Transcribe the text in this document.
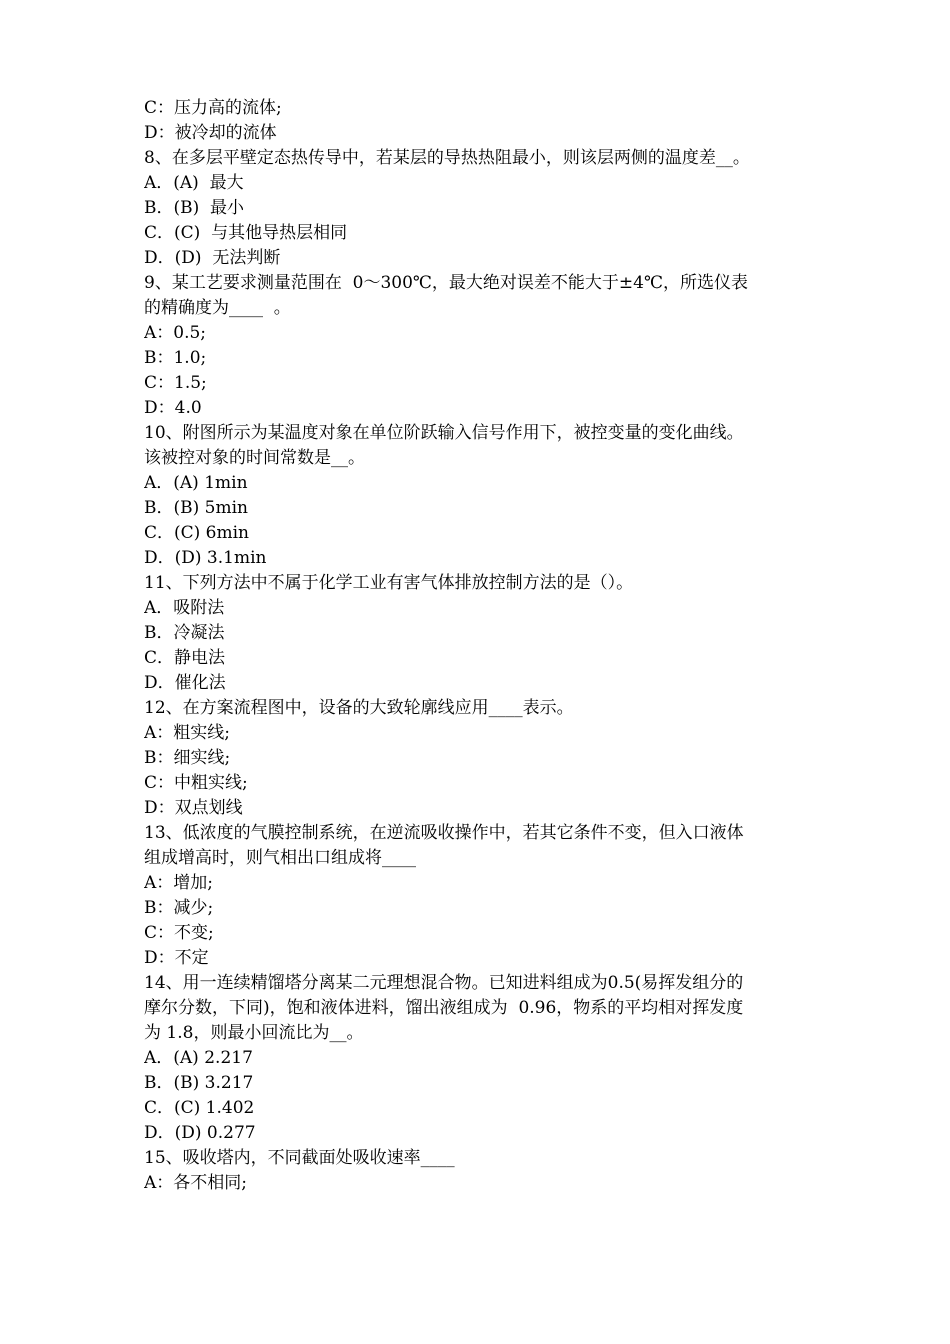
C：压力高的流体;
D：被冷却的流体
8、在多层平壁定态热传导中，若某层的导热热阻最小，则该层两侧的温度差__。
A．(A)  最大
B．(B)  最小
C．(C)  与其他导热层相同
D．(D)  无法判断
9、某工艺要求测量范围在  0～300℃，最大绝对误差不能大于±4℃，所选仪表
的精确度为____  。
A：0.5;
B：1.0;
C：1.5;
D：4.0
10、附图所示为某温度对象在单位阶跃输入信号作用下，被控变量的变化曲线。
该被控对象的时间常数是__。
A．(A) 1min
B．(B) 5min
C．(C) 6min
D．(D) 3.1min
11、下列方法中不属于化学工业有害气体排放控制方法的是（）。
A．吸附法
B．冷凝法
C．静电法
D．催化法
12、在方案流程图中，设备的大致轮廓线应用____表示。
A：粗实线;
B：细实线;
C：中粗实线;
D：双点划线
13、低浓度的气膜控制系统，在逆流吸收操作中，若其它条件不变，但入口液体
组成增高时，则气相出口组成将____
A：增加;
B：减少;
C：不变;
D：不定
14、用一连续精馏塔分离某二元理想混合物。已知进料组成为0.5(易挥发组分的
摩尔分数，下同)，饱和液体进料，馏出液组成为  0.96，物系的平均相对挥发度
为 1.8，则最小回流比为__。
A．(A) 2.217
B．(B) 3.217
C．(C) 1.402
D．(D) 0.277
15、吸收塔内，不同截面处吸收速率____
A：各不相同;
